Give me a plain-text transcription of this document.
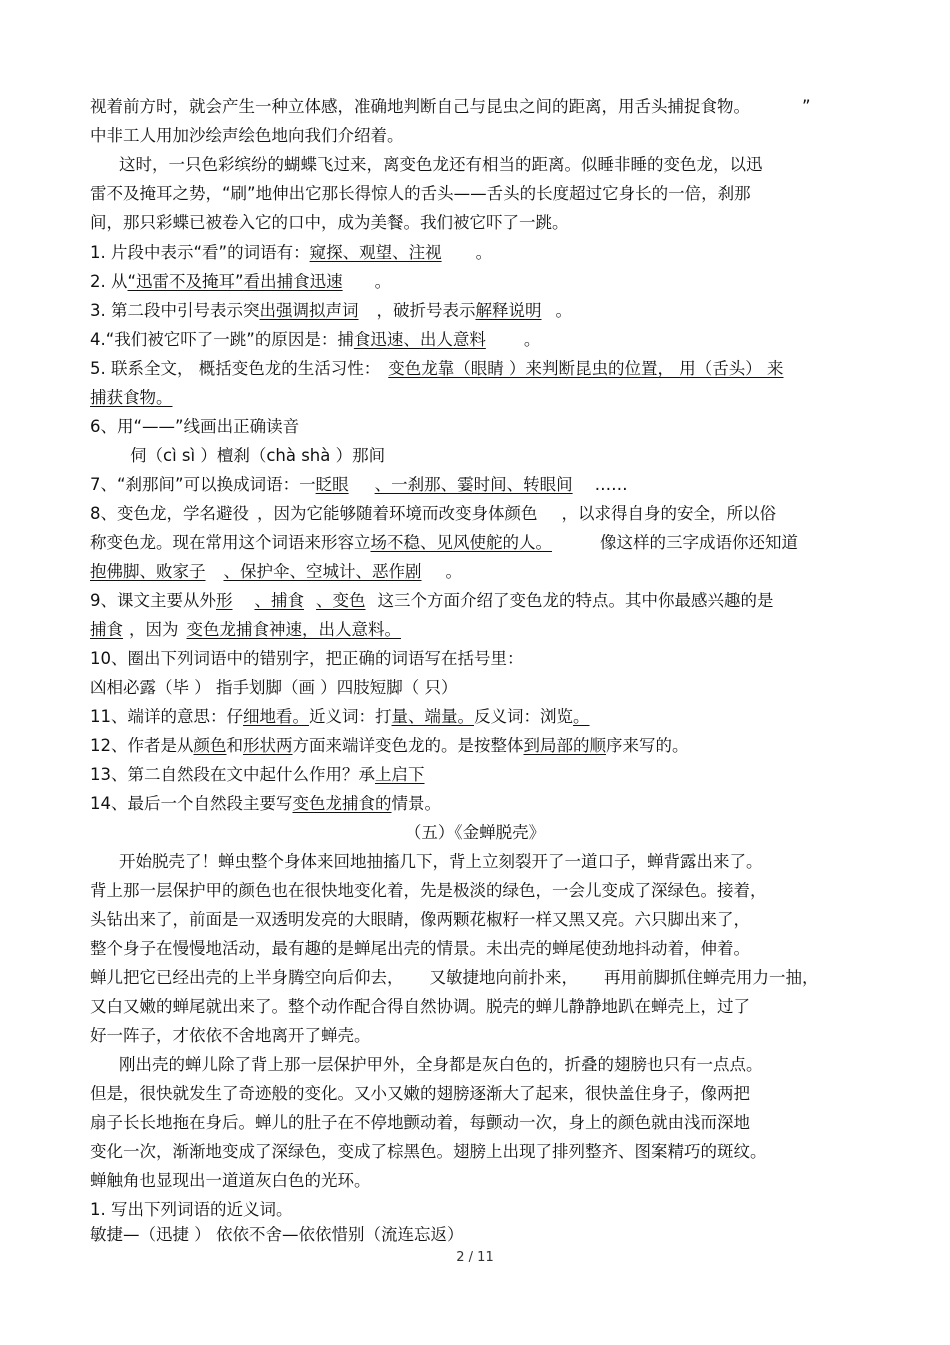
视着前方时，就会产生一种立体感，准确地判断自己与昆虫之间的距离，用舌头捕捉食物。	”
中非工人用加沙绘声绘色地向我们介绍着。
这时，一只色彩缤纷的蝴蝶飞过来，离变色龙还有相当的距离。似睡非睡的变色龙，以迅
雷不及掩耳之势，“刷”地伸出它那长得惊人的舌头——舌头的长度超过它身长的一倍，刹那
间，那只彩蝶已被卷入它的口中，成为美餐。我们被它吓了一跳。
1. 片段中表示“看”的词语有：窥探、观望、注视 。
2. 从“迅雷不及掩耳”看出捕食迅速 。
3. 第二段中引号表示突出强调拟声词 ，破折号表示解释说明 。
4.“我们被它吓了一跳”的原因是：捕食迅速、出人意料 。
5. 联系全文， 概括变色龙的生活习性： 变色龙靠（眼睛 ）来判断昆虫的位置， 用（舌头） 来
捕获食物。
6、用“——”线画出正确读音
伺（cì sì ）檀刹（chà shà ）那间
7、“刹那间”可以换成词语：一眨眼 、一刹那、霎时间、转眼间 ……
8、变色龙，学名避役 ，因为它能够随着环境而改变身体颜色 ，以求得自身的安全，所以俗
称变色龙。现在常用这个词语来形容立场不稳、见风使舵的人。	像这样的三字成语你还知道
抱佛脚、败家子 、保护伞、空城计、恶作剧 。
9、课文主要从外形 、捕食 、变色 这三个方面介绍了变色龙的特点。其中你最感兴趣的是
捕食 ，因为 变色龙捕食神速，出人意料。
10、圈出下列词语中的错别字，把正确的词语写在括号里：
凶相必露（毕 ） 指手划脚（画 ）四肢短脚（ 只）
11、端详的意思：仔细地看。近义词：打量、端量。反义词：浏览。
12、作者是从颜色和形状两方面来端详变色龙的。是按整体到局部的顺序来写的。
13、第二自然段在文中起什么作用？承上启下
14、最后一个自然段主要写变色龙捕食的情景。
（五）《金蝉脱壳》
开始脱壳了！蝉虫整个身体来回地抽搐几下，背上立刻裂开了一道口子，蝉背露出来了。
背上那一层保护甲的颜色也在很快地变化着，先是极淡的绿色，一会儿变成了深绿色。接着，
头钻出来了，前面是一双透明发亮的大眼睛，像两颗花椒籽一样又黑又亮。六只脚出来了，
整个身子在慢慢地活动，最有趣的是蝉尾出壳的情景。未出壳的蝉尾使劲地抖动着，伸着。
蝉儿把它已经出壳的上半身腾空向后仰去， 又敏捷地向前扑来， 再用前脚抓住蝉壳用力一抽，
又白又嫩的蝉尾就出来了。整个动作配合得自然协调。脱壳的蝉儿静静地趴在蝉壳上，过了
好一阵子，才依依不舍地离开了蝉壳。
刚出壳的蝉儿除了背上那一层保护甲外，全身都是灰白色的，折叠的翅膀也只有一点点。
但是，很快就发生了奇迹般的变化。又小又嫩的翅膀逐渐大了起来，很快盖住身子，像两把
扇子长长地拖在身后。蝉儿的肚子在不停地颤动着，每颤动一次，身上的颜色就由浅而深地
变化一次，渐渐地变成了深绿色，变成了棕黑色。翅膀上出现了排列整齐、图案精巧的斑纹。
蝉触角也显现出一道道灰白色的光环。
1. 写出下列词语的近义词。
敏捷—（迅捷 ） 依依不舍—依依惜别（流连忘返）
2 / 11
